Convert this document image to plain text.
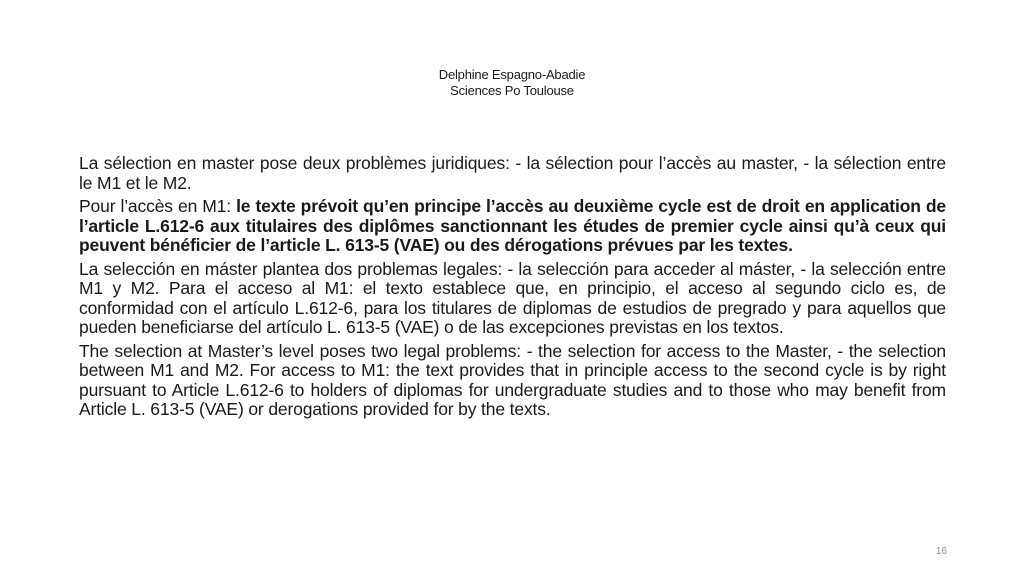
Delphine Espagno-Abadie
Sciences Po Toulouse

La sélection en master pose deux problèmes juridiques: - la sélection pour l’accès au master, - la sélection entre le M1 et le M2.

Pour l’accès en M1: le texte prévoit qu’en principe l’accès au deuxième cycle est de droit en application de l’article L.612-6 aux titulaires des diplômes sanctionnant les études de premier cycle ainsi qu’à ceux qui peuvent bénéficier de l’article L. 613-5 (VAE) ou des dérogations prévues par les textes.

La selección en máster plantea dos problemas legales: - la selección para acceder al máster, - la selección entre M1 y M2. Para el acceso al M1: el texto establece que, en principio, el acceso al segundo ciclo es, de conformidad con el artículo L.612-6, para los titulares de diplomas de estudios de pregrado y para aquellos que pueden beneficiarse del artículo L. 613-5 (VAE) o de las excepciones previstas en los textos.

The selection at Master’s level poses two legal problems: - the selection for access to the Master, - the selection between M1 and M2. For access to M1: the text provides that in principle access to the second cycle is by right pursuant to Article L.612-6 to holders of diplomas for undergraduate studies and to those who may benefit from Article L. 613-5 (VAE) or derogations provided for by the texts.

16
